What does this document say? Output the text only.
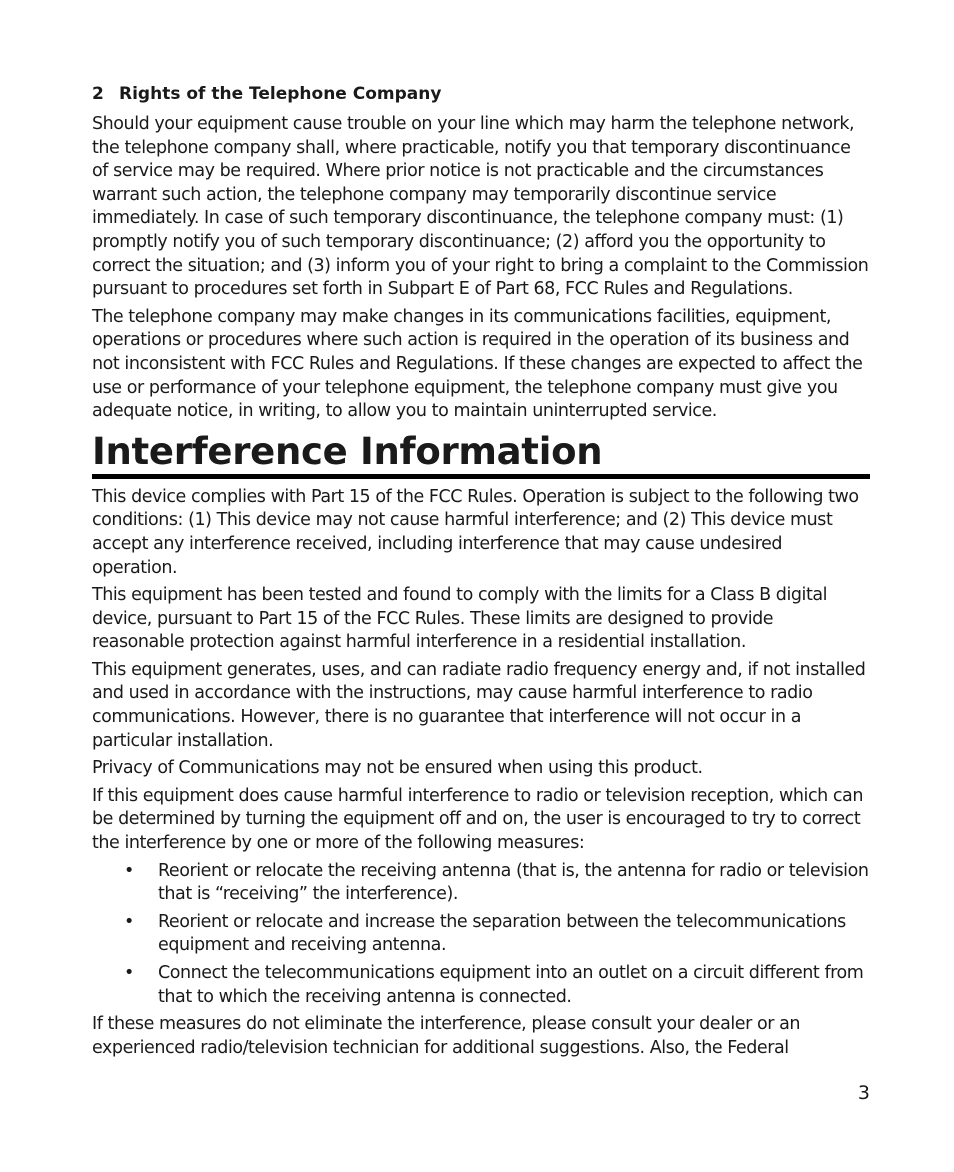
2 Rights of the Telephone Company

Should your equipment cause trouble on your line which may harm the telephone network, the telephone company shall, where practicable, notify you that temporary discontinuance of service may be required. Where prior notice is not practicable and the circumstances warrant such action, the telephone company may temporarily discontinue service immediately. In case of such temporary discontinuance, the telephone company must: (1) promptly notify you of such temporary discontinuance; (2) afford you the opportunity to correct the situation; and (3) inform you of your right to bring a complaint to the Commission pursuant to procedures set forth in Subpart E of Part 68, FCC Rules and Regulations.

The telephone company may make changes in its communications facilities, equipment, operations or procedures where such action is required in the operation of its business and not inconsistent with FCC Rules and Regulations. If these changes are expected to affect the use or performance of your telephone equipment, the telephone company must give you adequate notice, in writing, to allow you to maintain uninterrupted service.

Interference Information

This device complies with Part 15 of the FCC Rules. Operation is subject to the following two conditions: (1) This device may not cause harmful interference; and (2) This device must accept any interference received, including interference that may cause undesired operation.

This equipment has been tested and found to comply with the limits for a Class B digital device, pursuant to Part 15 of the FCC Rules. These limits are designed to provide reasonable protection against harmful interference in a residential installation.

This equipment generates, uses, and can radiate radio frequency energy and, if not installed and used in accordance with the instructions, may cause harmful interference to radio communications. However, there is no guarantee that interference will not occur in a particular installation.

Privacy of Communications may not be ensured when using this product.

If this equipment does cause harmful interference to radio or television reception, which can be determined by turning the equipment off and on, the user is encouraged to try to correct the interference by one or more of the following measures:

• Reorient or relocate the receiving antenna (that is, the antenna for radio or television that is “receiving” the interference).
• Reorient or relocate and increase the separation between the telecommunications equipment and receiving antenna.
• Connect the telecommunications equipment into an outlet on a circuit different from that to which the receiving antenna is connected.

If these measures do not eliminate the interference, please consult your dealer or an experienced radio/television technician for additional suggestions. Also, the Federal

3
